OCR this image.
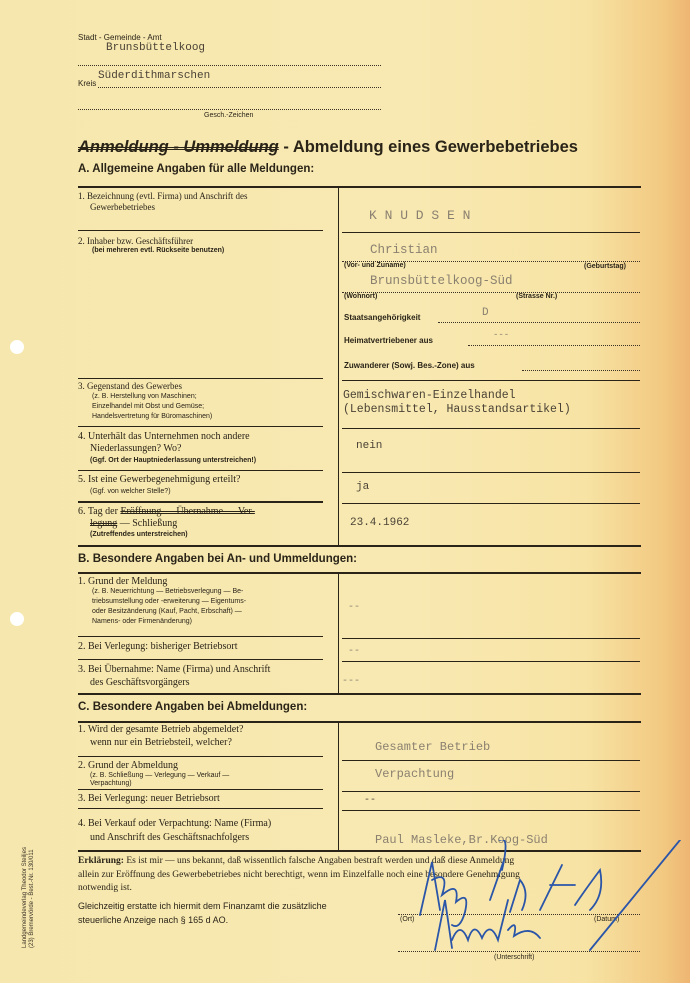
Stadt - Gemeinde - Amt
Brunsbüttelkoog
Kreis
Süderdithmarschen
Gesch.-Zeichen
Anmeldung - Ummeldung - Abmeldung eines Gewerbebetriebes
A. Allgemeine Angaben für alle Meldungen:
1. Bezeichnung (evtl. Firma) und Anschrift des
Gewerbebetriebes
K N U D S E N
2. Inhaber bzw. Geschäftsführer
(bei mehreren evtl. Rückseite benutzen)	Christian
(Vor- und Zuname)	(Geburtstag)
Brunsbüttelkoog-Süd
(Wohnort)	(Strasse Nr.)
Staatsangehörigkeit	D
Heimatvertriebener aus
---
Zuwanderer (Sowj. Bes.-Zone) aus
3. Gegenstand des Gewerbes
(z. B. Herstellung von Maschinen;
Einzelhandel mit Obst und Gemüse;
Handelsvertretung für Büromaschinen)
Gemischwaren-Einzelhandel
(Lebensmittel, Hausstandsartikel)
4. Unterhält das Unternehmen noch andere
Niederlassungen? Wo?
(Ggf. Ort der Hauptniederlassung unterstreichen!)
nein
5. Ist eine Gewerbegenehmigung erteilt?
(Ggf. von welcher Stelle?)	ja
6. Tag der Eröffnung — Übernahme — Ver-
legung — Schließung
(Zutreffendes unterstreichen)
23.4.1962
B. Besondere Angaben bei An- und Ummeldungen:
1. Grund der Meldung
(z. B. Neuerrichtung — Betriebsverlegung — Be-
triebsumstellung oder -erweiterung — Eigentums-
oder Besitzänderung (Kauf, Pacht, Erbschaft) —
Namens- oder Firmenänderung)
--
2. Bei Verlegung: bisheriger Betriebsort	--
3. Bei Übernahme: Name (Firma) und Anschrift
des Geschäftsvorgängers	---
C. Besondere Angaben bei Abmeldungen:
1. Wird der gesamte Betrieb abgemeldet?
wenn nur ein Betriebsteil, welcher?	Gesamter Betrieb
2. Grund der Abmeldung
(z. B. Schließung — Verlegung — Verkauf —
Verpachtung)
Verpachtung
3. Bei Verlegung: neuer Betriebsort	--
4. Bei Verkauf oder Verpachtung: Name (Firma)
und Anschrift des Geschäftsnachfolgers	Paul Masleke,Br.Koog-Süd
Erklärung: Es ist mir — uns bekannt, daß wissentlich falsche Angaben bestraft werden und daß diese Anmeldung
allein zur Eröffnung des Gewerbebetriebes nicht berechtigt, wenn im Einzelfalle noch eine besondere Genehmigung
notwendig ist.
Gleichzeitig erstatte ich hiermit dem Finanzamt die zusätzliche
steuerliche Anzeige nach § 165 d AO.	(Ort)	(Datum)
(Unterschrift)
Landgemeindeverlag Theodor Steiljes (23) Bremervörde - Best.-Nr. 130/011
